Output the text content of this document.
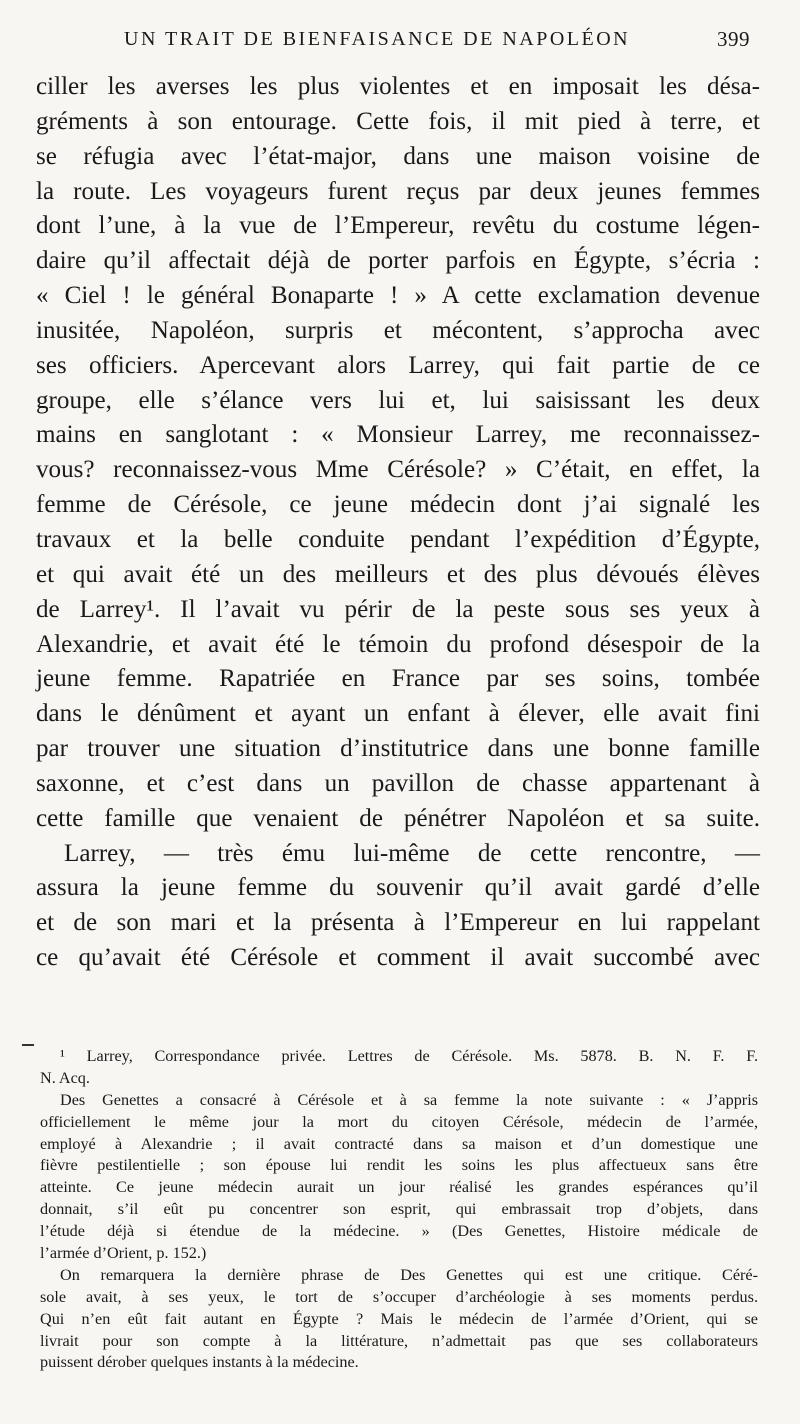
UN TRAIT DE BIENFAISANCE DE NAPOLÉON	399
ciller les averses les plus violentes et en imposait les désa-
gréments à son entourage. Cette fois, il mit pied à terre, et
se réfugia avec l’état-major, dans une maison voisine de
la route. Les voyageurs furent reçus par deux jeunes femmes
dont l’une, à la vue de l’Empereur, revêtu du costume légen-
daire qu’il affectait déjà de porter parfois en Égypte, s’écria :
« Ciel ! le général Bonaparte ! » A cette exclamation devenue
inusitée, Napoléon, surpris et mécontent, s’approcha avec
ses officiers. Apercevant alors Larrey, qui fait partie de ce
groupe, elle s’élance vers lui et, lui saisissant les deux
mains en sanglotant : « Monsieur Larrey, me reconnaissez-
vous? reconnaissez-vous Mme Cérésole? » C’était, en effet, la
femme de Cérésole, ce jeune médecin dont j’ai signalé les
travaux et la belle conduite pendant l’expédition d’Égypte,
et qui avait été un des meilleurs et des plus dévoués élèves
de Larrey¹. Il l’avait vu périr de la peste sous ses yeux à
Alexandrie, et avait été le témoin du profond désespoir de la
jeune femme. Rapatriée en France par ses soins, tombée
dans le dénûment et ayant un enfant à élever, elle avait fini
par trouver une situation d’institutrice dans une bonne famille
saxonne, et c’est dans un pavillon de chasse appartenant à
cette famille que venaient de pénétrer Napoléon et sa suite.
Larrey, — très ému lui-même de cette rencontre, —
assura la jeune femme du souvenir qu’il avait gardé d’elle
et de son mari et la présenta à l’Empereur en lui rappelant
ce qu’avait été Cérésole et comment il avait succombé avec
¹ Larrey, Correspondance privée. Lettres de Cérésole. Ms. 5878. B. N. F. F.
N. Acq.
Des Genettes a consacré à Cérésole et à sa femme la note suivante : « J’appris
officiellement le même jour la mort du citoyen Cérésole, médecin de l’armée,
employé à Alexandrie ; il avait contracté dans sa maison et d’un domestique une
fièvre pestilentielle ; son épouse lui rendit les soins les plus affectueux sans être
atteinte. Ce jeune médecin aurait un jour réalisé les grandes espérances qu’il
donnait, s’il eût pu concentrer son esprit, qui embrassait trop d’objets, dans
l’étude déjà si étendue de la médecine. » (Des Genettes, Histoire médicale de
l’armée d’Orient, p. 152.)
On remarquera la dernière phrase de Des Genettes qui est une critique. Céré-
sole avait, à ses yeux, le tort de s’occuper d’archéologie à ses moments perdus.
Qui n’en eût fait autant en Égypte ? Mais le médecin de l’armée d’Orient, qui se
livrait pour son compte à la littérature, n’admettait pas que ses collaborateurs
puissent dérober quelques instants à la médecine.
